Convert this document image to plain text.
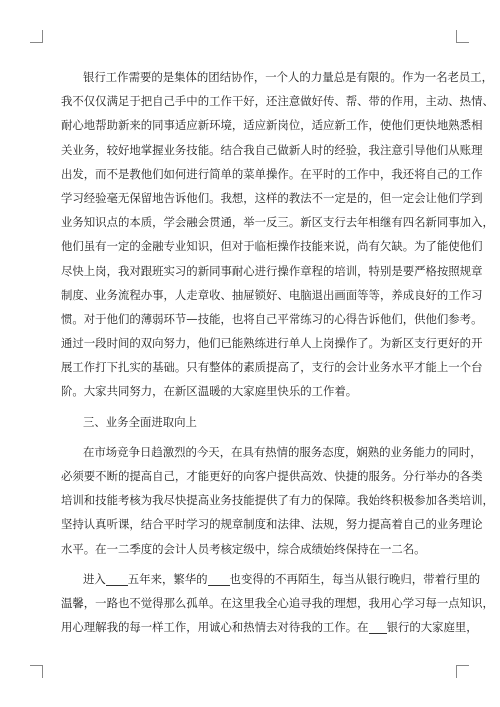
银行工作需要的是集体的团结协作，一个人的力量总是有限的。作为一名老员工，
我不仅仅满足于把自己手中的工作干好，还注意做好传、帮、带的作用，主动、热情、
耐心地帮助新来的同事适应新环境，适应新岗位，适应新工作，使他们更快地熟悉相
关业务，较好地掌握业务技能。结合我自己做新人时的经验，我注意引导他们从账理
出发，而不是教他们如何进行简单的菜单操作。在平时的工作中，我还将自己的工作
学习经验毫无保留地告诉他们。我想，这样的教法不一定是的，但一定会让他们学到
业务知识点的本质，学会融会贯通，举一反三。新区支行去年相继有四名新同事加入，
他们虽有一定的金融专业知识，但对于临柜操作技能来说，尚有欠缺。为了能使他们
尽快上岗，我对跟班实习的新同事耐心进行操作章程的培训，特别是要严格按照规章
制度、业务流程办事，人走章收、抽屉锁好、电脑退出画面等等，养成良好的工作习
惯。对于他们的薄弱环节—技能，也将自己平常练习的心得告诉他们，供他们参考。
通过一段时间的双向努力，他们已能熟练进行单人上岗操作了。为新区支行更好的开
展工作打下扎实的基础。只有整体的素质提高了，支行的会计业务水平才能上一个台
阶。大家共同努力，在新区温暖的大家庭里快乐的工作着。

三、业务全面进取向上

在市场竞争日趋激烈的今天，在具有热情的服务态度，娴熟的业务能力的同时，
必须要不断的提高自己，才能更好的向客户提供高效、快捷的服务。分行举办的各类
培训和技能考核为我尽快提高业务技能提供了有力的保障。我始终积极参加各类培训，
坚持认真听课，结合平时学习的规章制度和法律、法规，努力提高着自己的业务理论
水平。在一二季度的会计人员考核定级中，综合成绩始终保持在一二名。

进入 五年来，繁华的 也变得的不再陌生，每当从银行晚归，带着行里的
温馨，一路也不觉得那么孤单。在这里我全心追寻我的理想，我用心学习每一点知识，
用心理解我的每一样工作，用诚心和热情去对待我的工作。在 银行的大家庭里，
